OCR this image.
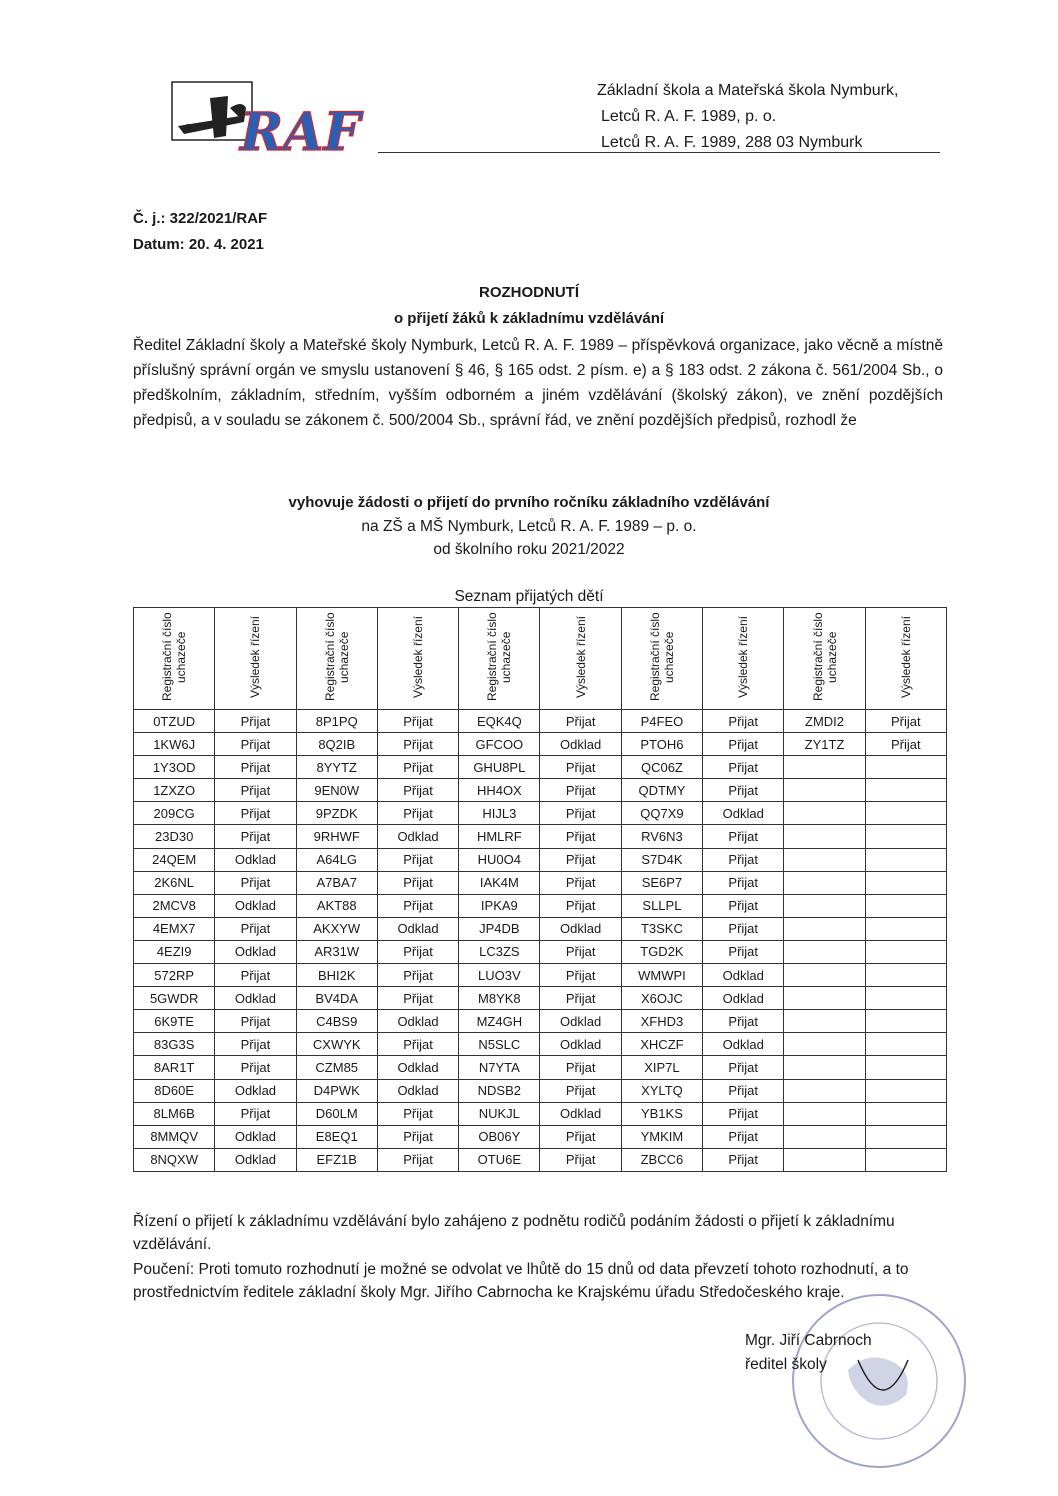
RAF
Základní škola a Mateřská škola Nymburk,
Letců R. A. F. 1989, p. o.
Letců R. A. F. 1989, 288 03 Nymburk
Č. j.: 322/2021/RAF
Datum: 20. 4. 2021
ROZHODNUTÍ
o přijetí žáků k základnímu vzdělávání
Ředitel Základní školy a Mateřské školy Nymburk, Letců R. A. F. 1989 – příspěvková organizace, jako věcně a místně příslušný správní orgán ve smyslu ustanovení § 46, § 165 odst. 2 písm. e) a § 183 odst. 2 zákona č. 561/2004 Sb., o předškolním, základním, středním, vyšším odborném a jiném vzdělávání (školský zákon), ve znění pozdějších předpisů, a v souladu se zákonem č. 500/2004 Sb., správní řád, ve znění pozdějších předpisů, rozhodl že
vyhovuje žádosti o přijetí do prvního ročníku základního vzdělávání
na ZŠ a MŠ Nymburk, Letců R. A. F. 1989 – p. o.
od školního roku 2021/2022
Seznam přijatých dětí
Registrační číslo uchazeče	Výsledek řízení	Registrační číslo uchazeče	Výsledek řízení	Registrační číslo uchazeče	Výsledek řízení	Registrační číslo uchazeče	Výsledek řízení	Registrační číslo uchazeče	Výsledek řízení
0TZUD	Přijat	8P1PQ	Přijat	EQK4Q	Přijat	P4FEO	Přijat	ZMDI2	Přijat
1KW6J	Přijat	8Q2IB	Přijat	GFCOO	Odklad	PTOH6	Přijat	ZY1TZ	Přijat
1Y3OD	Přijat	8YYTZ	Přijat	GHU8PL	Přijat	QC06Z	Přijat		
1ZXZO	Přijat	9EN0W	Přijat	HH4OX	Přijat	QDTMY	Přijat		
209CG	Přijat	9PZDK	Přijat	HIJL3	Přijat	QQ7X9	Odklad		
23D30	Přijat	9RHWF	Odklad	HMLRF	Přijat	RV6N3	Přijat		
24QEM	Odklad	A64LG	Přijat	HU0O4	Přijat	S7D4K	Přijat		
2K6NL	Přijat	A7BA7	Přijat	IAK4M	Přijat	SE6P7	Přijat		
2MCV8	Odklad	AKT88	Přijat	IPKA9	Přijat	SLLPL	Přijat		
4EMX7	Přijat	AKXYW	Odklad	JP4DB	Odklad	T3SKC	Přijat		
4EZI9	Odklad	AR31W	Přijat	LC3ZS	Přijat	TGD2K	Přijat		
572RP	Přijat	BHI2K	Přijat	LUO3V	Přijat	WMWPI	Odklad		
5GWDR	Odklad	BV4DA	Přijat	M8YK8	Přijat	X6OJC	Odklad		
6K9TE	Přijat	C4BS9	Odklad	MZ4GH	Odklad	XFHD3	Přijat		
83G3S	Přijat	CXWYK	Přijat	N5SLC	Odklad	XHCZF	Odklad		
8AR1T	Přijat	CZM85	Odklad	N7YTA	Přijat	XIP7L	Přijat		
8D60E	Odklad	D4PWK	Odklad	NDSB2	Přijat	XYLTQ	Přijat		
8LM6B	Přijat	D60LM	Přijat	NUKJL	Odklad	YB1KS	Přijat		
8MMQV	Odklad	E8EQ1	Přijat	OB06Y	Přijat	YMKIM	Přijat		
8NQXW	Odklad	EFZ1B	Přijat	OTU6E	Přijat	ZBCC6	Přijat		
Řízení o přijetí k základnímu vzdělávání bylo zahájeno z podnětu rodičů podáním žádosti o přijetí k základnímu vzdělávání.
Poučení: Proti tomuto rozhodnutí je možné se odvolat ve lhůtě do 15 dnů od data převzetí tohoto rozhodnutí, a to prostřednictvím ředitele základní školy Mgr. Jiřího Cabrnocha ke Krajskému úřadu Středočeského kraje.
Mgr. Jiří Cabrnoch
ředitel školy
